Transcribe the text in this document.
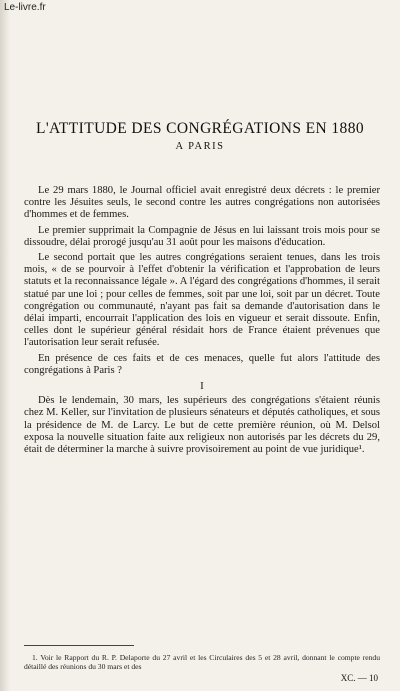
Le-livre.fr
L'ATTITUDE DES CONGRÉGATIONS EN 1880
A PARIS

Le 29 mars 1880, le Journal officiel avait enregistré deux décrets : le premier contre les Jésuites seuls, le second contre les autres congrégations non autorisées d'hommes et de femmes.

Le premier supprimait la Compagnie de Jésus en lui laissant trois mois pour se dissoudre, délai prorogé jusqu'au 31 août pour les maisons d'éducation.

Le second portait que les autres congrégations seraient tenues, dans les trois mois, « de se pourvoir à l'effet d'obtenir la vérification et l'approbation de leurs statuts et la reconnaissance légale ». A l'égard des congrégations d'hommes, il serait statué par une loi ; pour celles de femmes, soit par une loi, soit par un décret. Toute congrégation ou communauté, n'ayant pas fait sa demande d'autorisation dans le délai imparti, encourrait l'application des lois en vigueur et serait dissoute. Enfin, celles dont le supérieur général résidait hors de France étaient prévenues que l'autorisation leur serait refusée.

En présence de ces faits et de ces menaces, quelle fut alors l'attitude des congrégations à Paris ?

I

Dès le lendemain, 30 mars, les supérieurs des congrégations s'étaient réunis chez M. Keller, sur l'invitation de plusieurs sénateurs et députés catholiques, et sous la présidence de M. de Larcy. Le but de cette première réunion, où M. Delsol exposa la nouvelle situation faite aux religieux non autorisés par les décrets du 29, était de déterminer la marche à suivre provisoirement au point de vue juridique¹.

1. Voir le Rapport du R. P. Delaporte du 27 avril et les Circulaires des 5 et 28 avril, donnant le compte rendu détaillé des réunions du 30 mars et des

XC. — 10
